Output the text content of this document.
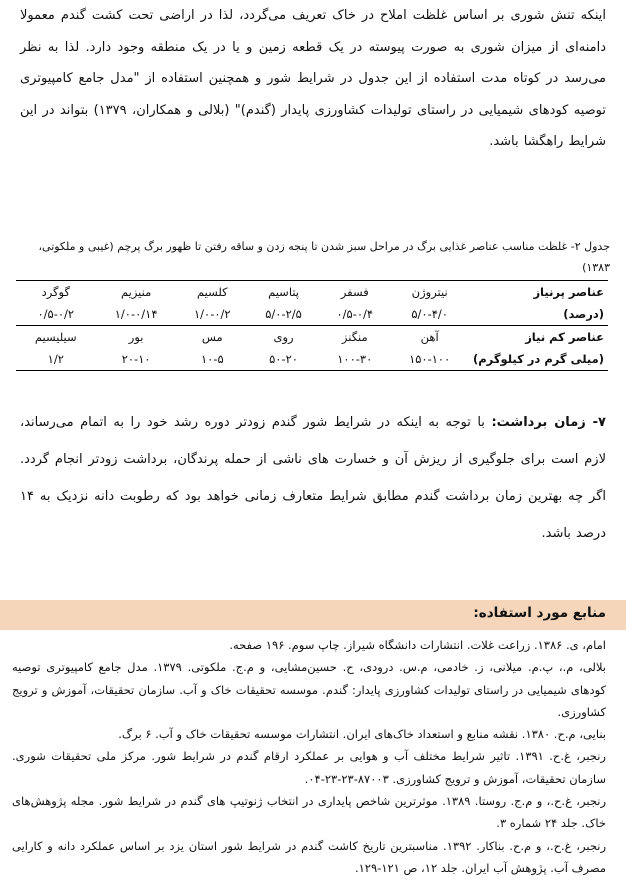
اینکه تنش شوری بر اساس غلظت املاح در خاک تعریف می‌گردد، لذا در اراضی تحت کشت گندم معمولا دامنه‌ای از میزان شوری به صورت پیوسته در یک قطعه زمین و یا در یک منطقه وجود دارد. لذا به نظر می‌رسد در کوتاه مدت استفاده از این جدول در شرایط شور و همچنین استفاده از "مدل جامع کامپیوتری توصیه کودهای شیمیایی در راستای تولیدات کشاورزی پایدار (گندم)" (بلالی و همکاران، ۱۳۷۹) بتواند در این شرایط راهگشا باشد.

جدول ۲- غلظت مناسب عناصر غذایی برگ در مراحل سبز شدن تا پنجه زدن و ساقه رفتن تا ظهور برگ پرچم (غیبی و ملکوتی، ۱۳۸۳)

عناصر پرنیاز	نیتروژن	فسفر	پتاسیم	کلسیم	منیزیم	گوگرد
(درصد)	۵/۰-۴/۰	۰/۵-۰/۴	۵/۰-۲/۵	۱/۰-۰/۲	۱/۰-۰/۱۴	۰/۵-۰/۲
عناصر کم نیاز	آهن	منگنز	روی	مس	بور	سیلیسیم
(میلی گرم در کیلوگرم)	۱۵۰-۱۰۰	۱۰۰-۳۰	۵۰-۲۰	۱۰-۵	۲۰-۱۰	۱/۲

۷- زمان برداشت: با توجه به اینکه در شرایط شور گندم زودتر دوره رشد خود را به اتمام می‌رساند، لازم است برای جلوگیری از ریزش آن و خسارت های ناشی از حمله پرندگان، برداشت زودتر انجام گردد. اگر چه بهترین زمان برداشت گندم مطابق شرایط متعارف زمانی خواهد بود که رطوبت دانه نزدیک به ۱۴ درصد باشد.

منابع مورد استفاده:

امام، ی. ۱۳۸۶. زراعت غلات. انتشارات دانشگاه شیراز. چاپ سوم. ۱۹۶ صفحه.

بلالی، م.، پ.م. میلانی، ز. خادمی، م.س. درودی، ح. حسین‌مشایی، و م.ج. ملکوتی. ۱۳۷۹. مدل جامع کامپیوتری توصیه کودهای شیمیایی در راستای تولیدات کشاورزی پایدار: گندم. موسسه تحقیقات خاک و آب. سازمان تحقیقات، آموزش و ترویج کشاورزی.

بنایی، م.ح. ۱۳۸۰. نقشه منابع و استعداد خاک‌های ایران. انتشارات موسسه تحقیقات خاک و آب. ۶ برگ.

رنجبر، غ.ح. ۱۳۹۱. تاثیر شرایط مختلف آب و هوایی بر عملکرد ارقام گندم در شرایط شور. مرکز ملی تحقیقات شوری. سازمان تحقیقات، آموزش و ترویج کشاورزی. ۸۷۰۰۳-۲۳-۲۳-۰۴.

رنجبر، غ.ح.، و م.ج. روستا. ۱۳۸۹. موثرترین شاخص پایداری در انتخاب ژنوتیپ های گندم در شرایط شور. مجله پژوهش‌های خاک. جلد ۲۴ شماره ۳.

رنجبر، غ.ح.، و م.ح. بناکار. ۱۳۹۲. مناسبترین تاریخ کاشت گندم در شرایط شور استان یزد بر اساس عملکرد دانه و کارایی مصرف آب. پژوهش آب ایران. جلد ۱۲، ص ۱۲۱-۱۲۹.
